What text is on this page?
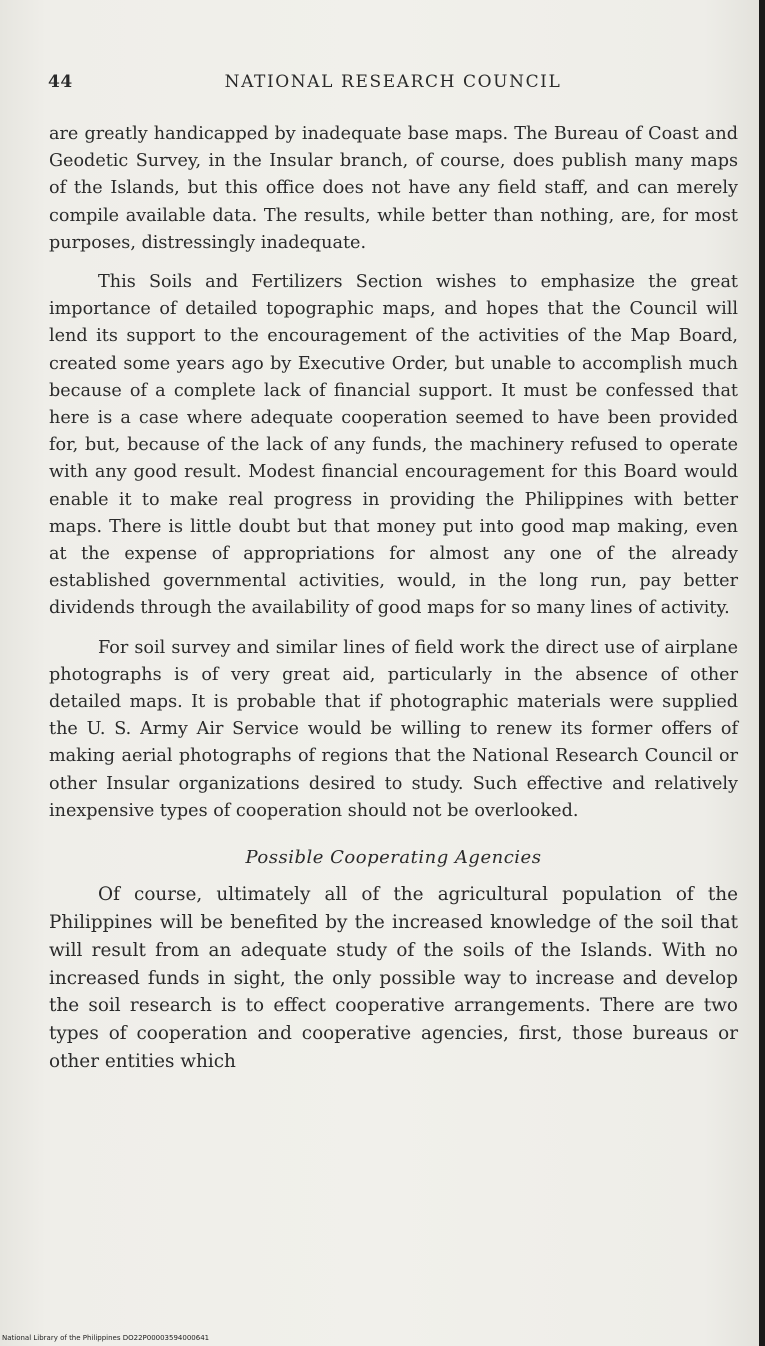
44	NATIONAL RESEARCH COUNCIL

are greatly handicapped by inadequate base maps. The Bureau of Coast and Geodetic Survey, in the Insular branch, of course, does publish many maps of the Islands, but this office does not have any field staff, and can merely compile available data. The results, while better than nothing, are, for most purposes, distressingly inadequate.

This Soils and Fertilizers Section wishes to emphasize the great importance of detailed topographic maps, and hopes that the Council will lend its support to the encouragement of the activities of the Map Board, created some years ago by Executive Order, but unable to accomplish much because of a complete lack of financial support. It must be confessed that here is a case where adequate cooperation seemed to have been provided for, but, because of the lack of any funds, the machinery refused to operate with any good result. Modest financial encouragement for this Board would enable it to make real progress in providing the Philippines with better maps. There is little doubt but that money put into good map making, even at the expense of appropriations for almost any one of the already established governmental activities, would, in the long run, pay better dividends through the availability of good maps for so many lines of activity.

For soil survey and similar lines of field work the direct use of airplane photographs is of very great aid, particularly in the absence of other detailed maps. It is probable that if photographic materials were supplied the U. S. Army Air Service would be willing to renew its former offers of making aerial photographs of regions that the National Research Council or other Insular organizations desired to study. Such effective and relatively inexpensive types of cooperation should not be overlooked.

Possible Cooperating Agencies

Of course, ultimately all of the agricultural population of the Philippines will be benefited by the increased knowledge of the soil that will result from an adequate study of the soils of the Islands. With no increased funds in sight, the only possible way to increase and develop the soil research is to effect cooperative arrangements. There are two types of cooperation and cooperative agencies, first, those bureaus or other entities which

National Library of the Philippines DO22P00003594000641
